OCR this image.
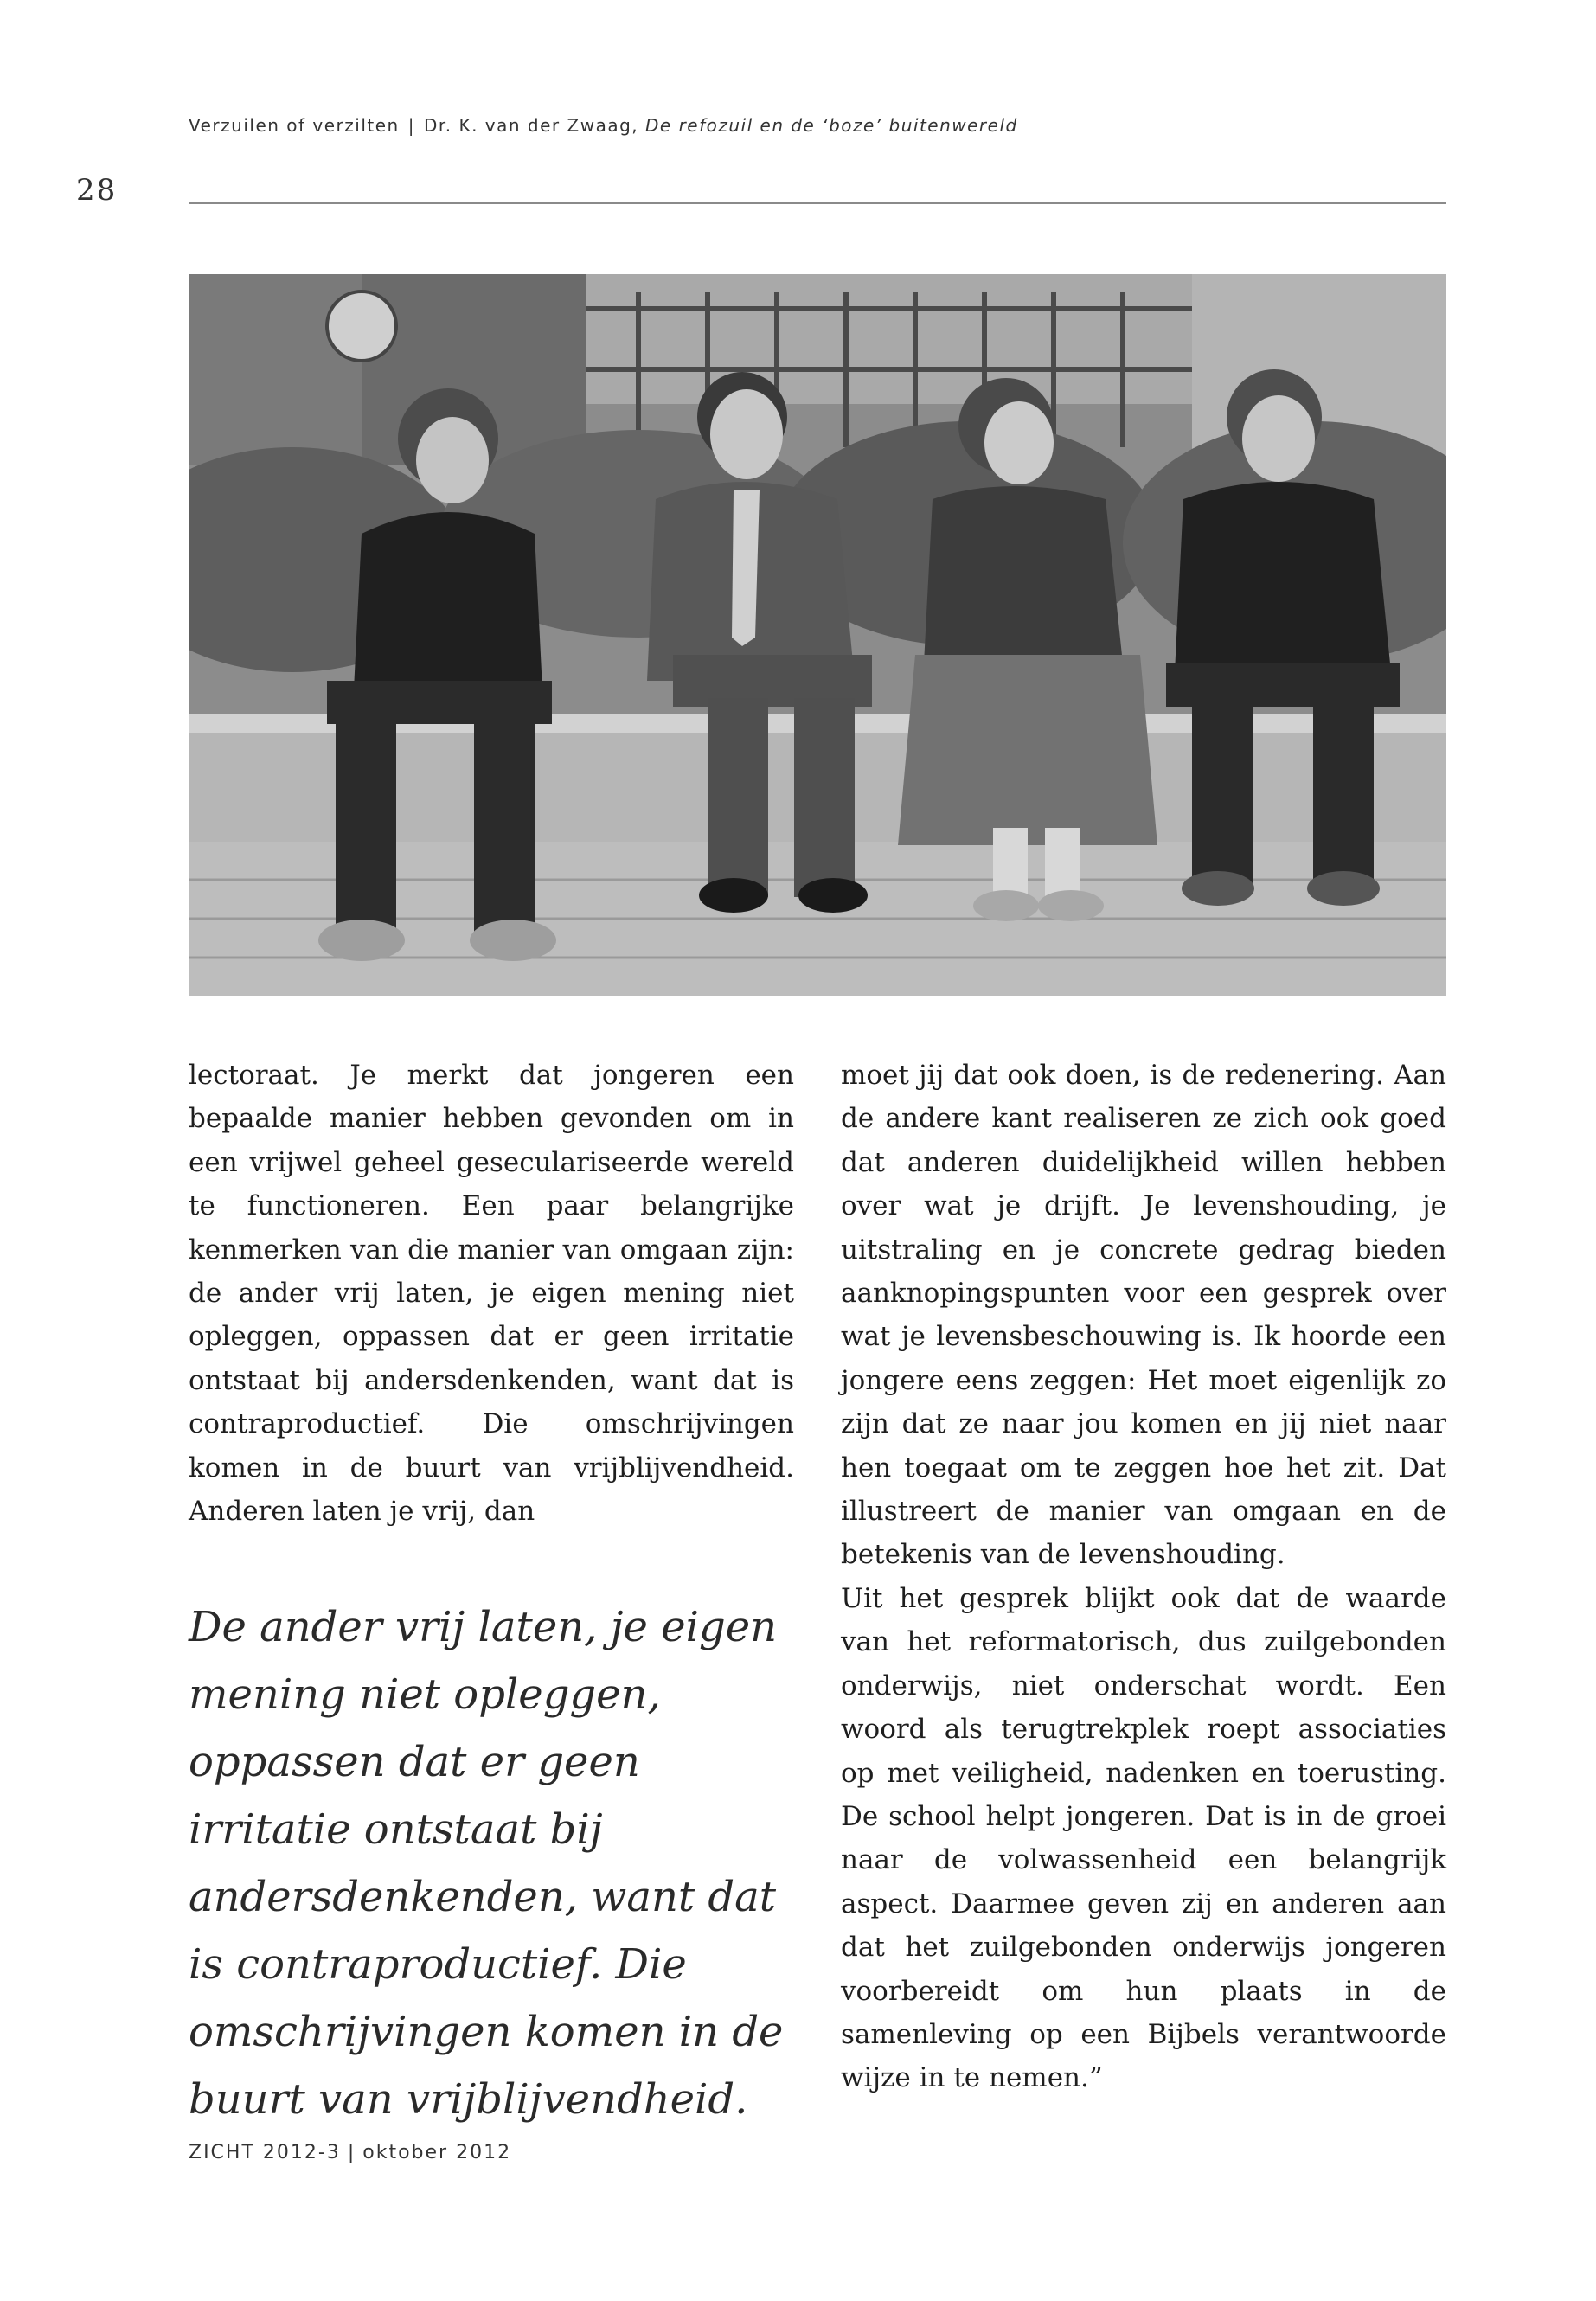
Verzuilen of verzilten | Dr. K. van der Zwaag, De refozuil en de ‘boze’ buitenwereld
28

lectoraat. Je merkt dat jongeren een bepaalde manier hebben gevonden om in een vrijwel geheel geseculariseerde wereld te functioneren. Een paar belangrijke kenmerken van die manier van omgaan zijn: de ander vrij laten, je eigen mening niet opleggen, oppassen dat er geen irritatie ontstaat bij andersdenkenden, want dat is contraproductief. Die omschrijvingen komen in de buurt van vrijblijvendheid. Anderen laten je vrij, dan

De ander vrij laten, je eigen mening niet opleggen, oppassen dat er geen irritatie ontstaat bij andersdenkenden, want dat is contraproductief. Die omschrijvingen komen in de buurt van vrijblijvendheid.

moet jij dat ook doen, is de redenering. Aan de andere kant realiseren ze zich ook goed dat anderen duidelijkheid willen hebben over wat je drijft. Je levenshouding, je uitstraling en je concrete gedrag bieden aanknopingspunten voor een gesprek over wat je levensbeschouwing is. Ik hoorde een jongere eens zeggen: Het moet eigenlijk zo zijn dat ze naar jou komen en jij niet naar hen toegaat om te zeggen hoe het zit. Dat illustreert de manier van omgaan en de betekenis van de levenshouding.

Uit het gesprek blijkt ook dat de waarde van het reformatorisch, dus zuilgebonden onderwijs, niet onderschat wordt. Een woord als terugtrekplek roept associaties op met veiligheid, nadenken en toerusting. De school helpt jongeren. Dat is in de groei naar de volwassenheid een belangrijk aspect. Daarmee geven zij en anderen aan dat het zuilgebonden onderwijs jongeren voorbereidt om hun plaats in de samenleving op een Bijbels verantwoorde wijze in te nemen.”

ZICHT 2012-3 | oktober 2012
